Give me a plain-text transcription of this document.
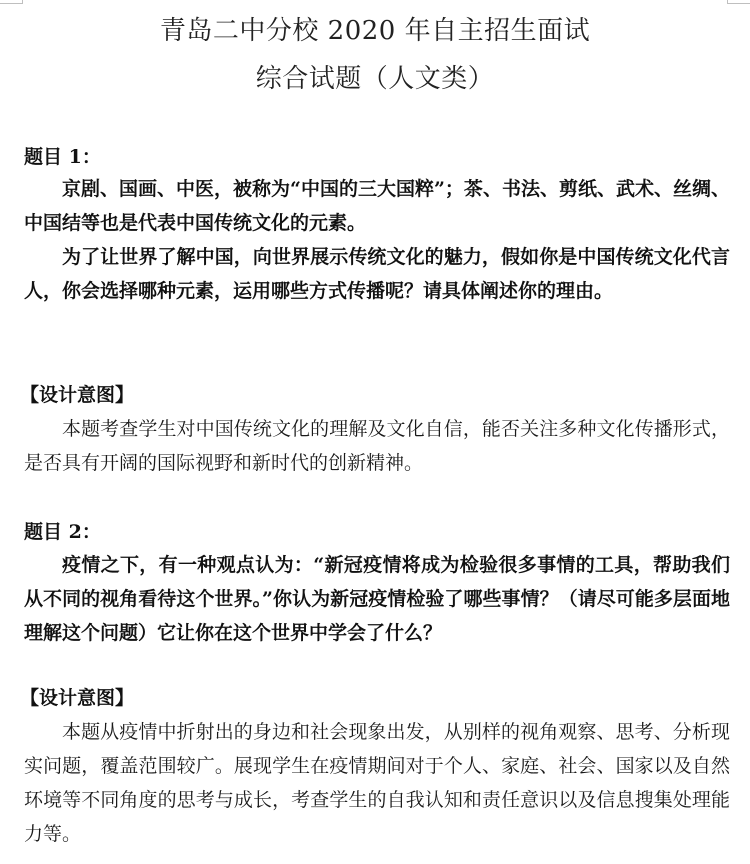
青岛二中分校 2020 年自主招生面试
综合试题（人文类）
题目 1：
京剧、国画、中医，被称为“中国的三大国粹”；茶、书法、剪纸、武术、丝绸、中国结等也是代表中国传统文化的元素。
为了让世界了解中国，向世界展示传统文化的魅力，假如你是中国传统文化代言人，你会选择哪种元素，运用哪些方式传播呢？请具体阐述你的理由。
【设计意图】
本题考查学生对中国传统文化的理解及文化自信，能否关注多种文化传播形式，是否具有开阔的国际视野和新时代的创新精神。
题目 2：
疫情之下，有一种观点认为：“新冠疫情将成为检验很多事情的工具，帮助我们从不同的视角看待这个世界。”你认为新冠疫情检验了哪些事情？（请尽可能多层面地理解这个问题）它让你在这个世界中学会了什么？
【设计意图】
本题从疫情中折射出的身边和社会现象出发，从别样的视角观察、思考、分析现实问题，覆盖范围较广。展现学生在疫情期间对于个人、家庭、社会、国家以及自然环境等不同角度的思考与成长，考查学生的自我认知和责任意识以及信息搜集处理能力等。
